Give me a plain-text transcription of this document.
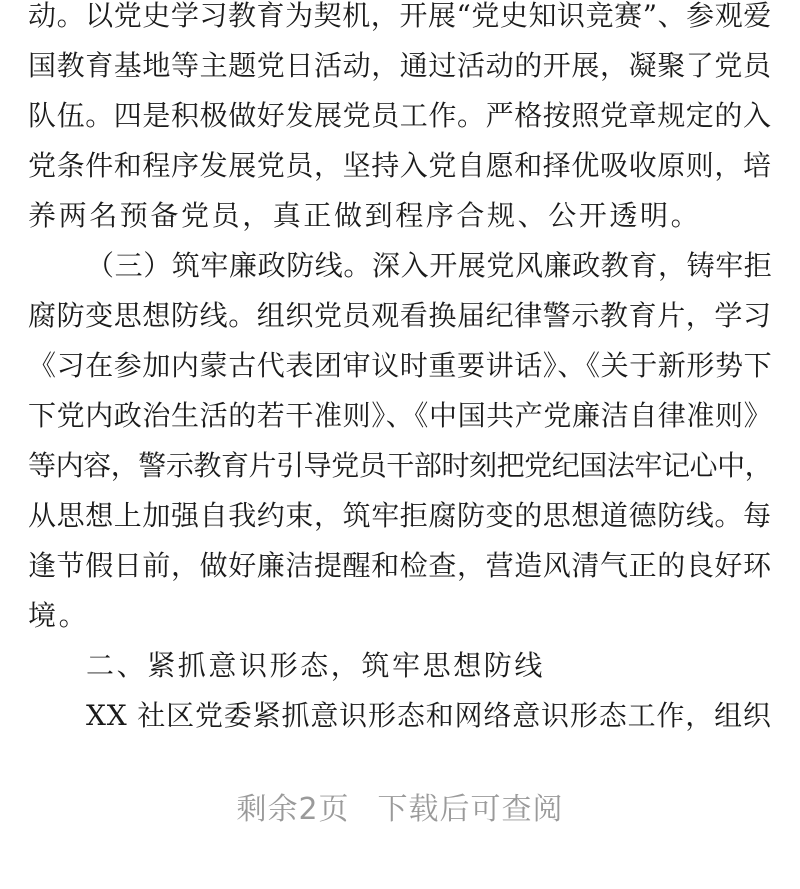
动。以党史学习教育为契机，开展“党史知识竞赛”、参观爱
国教育基地等主题党日活动，通过活动的开展，凝聚了党员
队伍。四是积极做好发展党员工作。严格按照党章规定的入
党条件和程序发展党员，坚持入党自愿和择优吸收原则，培
养两名预备党员，真正做到程序合规、公开透明。
（三）筑牢廉政防线。深入开展党风廉政教育，铸牢拒
腐防变思想防线。组织党员观看换届纪律警示教育片，学习
《习在参加内蒙古代表团审议时重要讲话》、《关于新形势下
下党内政治生活的若干准则》、《中国共产党廉洁自律准则》
等内容，警示教育片引导党员干部时刻把党纪国法牢记心中，
从思想上加强自我约束，筑牢拒腐防变的思想道德防线。每
逢节假日前，做好廉洁提醒和检查，营造风清气正的良好环
境。
二、紧抓意识形态，筑牢思想防线
XX 社区党委紧抓意识形态和网络意识形态工作，组织
剩余2页 下载后可查阅
